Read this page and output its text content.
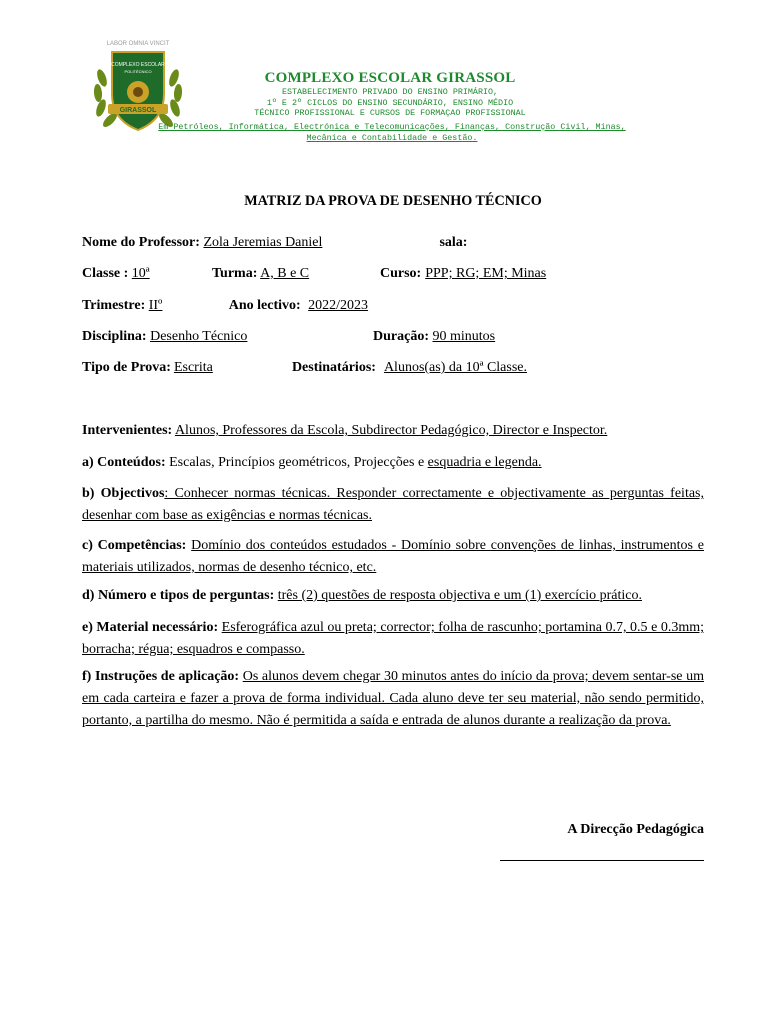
LABOR OMNIA VINCIT
COMPLEXO ESCOLAR
POLITÉCNICO
GIRASSOL
COMPLEXO ESCOLAR GIRASSOL
ESTABELECIMENTO PRIVADO DO ENSINO PRIMÁRIO,
1º E 2º CICLOS DO ENSINO SECUNDÁRIO, ENSINO MÉDIO
TÉCNICO PROFISSIONAL E CURSOS DE FORMAÇAO PROFISSIONAL
Em Petróleos, Informática, Electrónica e Telecomunicações, Finanças, Construção Civil, Minas,
Mecânica e Contabilidade e Gestão.
MATRIZ DA PROVA DE DESENHO TÉCNICO
Nome do Professor: Zola Jeremias Daniel	sala:
Classe : 10ª	Turma: A, B e C	Curso: PPP; RG; EM; Minas
Trimestre: IIº	Ano lectivo: 2022/2023
Disciplina: Desenho Técnico	Duração: 90 minutos
Tipo de Prova: Escrita	Destinatários: Alunos(as) da 10ª Classe.
Intervenientes: Alunos, Professores da Escola, Subdirector Pedagógico, Director e Inspector.
a) Conteúdos: Escalas, Princípios geométricos, Projecções e esquadria e legenda.
b) Objectivos: Conhecer normas técnicas. Responder correctamente e objectivamente as perguntas feitas, desenhar com base as exigências e normas técnicas.
c) Competências: Domínio dos conteúdos estudados - Domínio sobre convenções de linhas, instrumentos e materiais utilizados, normas de desenho técnico, etc.
d) Número e tipos de perguntas: três (2) questões de resposta objectiva e um (1) exercício prático.
e) Material necessário: Esferográfica azul ou preta; corrector; folha de rascunho; portamina 0.7, 0.5 e 0.3mm; borracha; régua; esquadros e compasso.
f) Instruções de aplicação: Os alunos devem chegar 30 minutos antes do início da prova; devem sentar-se um em cada carteira e fazer a prova de forma individual. Cada aluno deve ter seu material, não sendo permitido, portanto, a partilha do mesmo. Não é permitida a saída e entrada de alunos durante a realização da prova.
A Direcção Pedagógica
